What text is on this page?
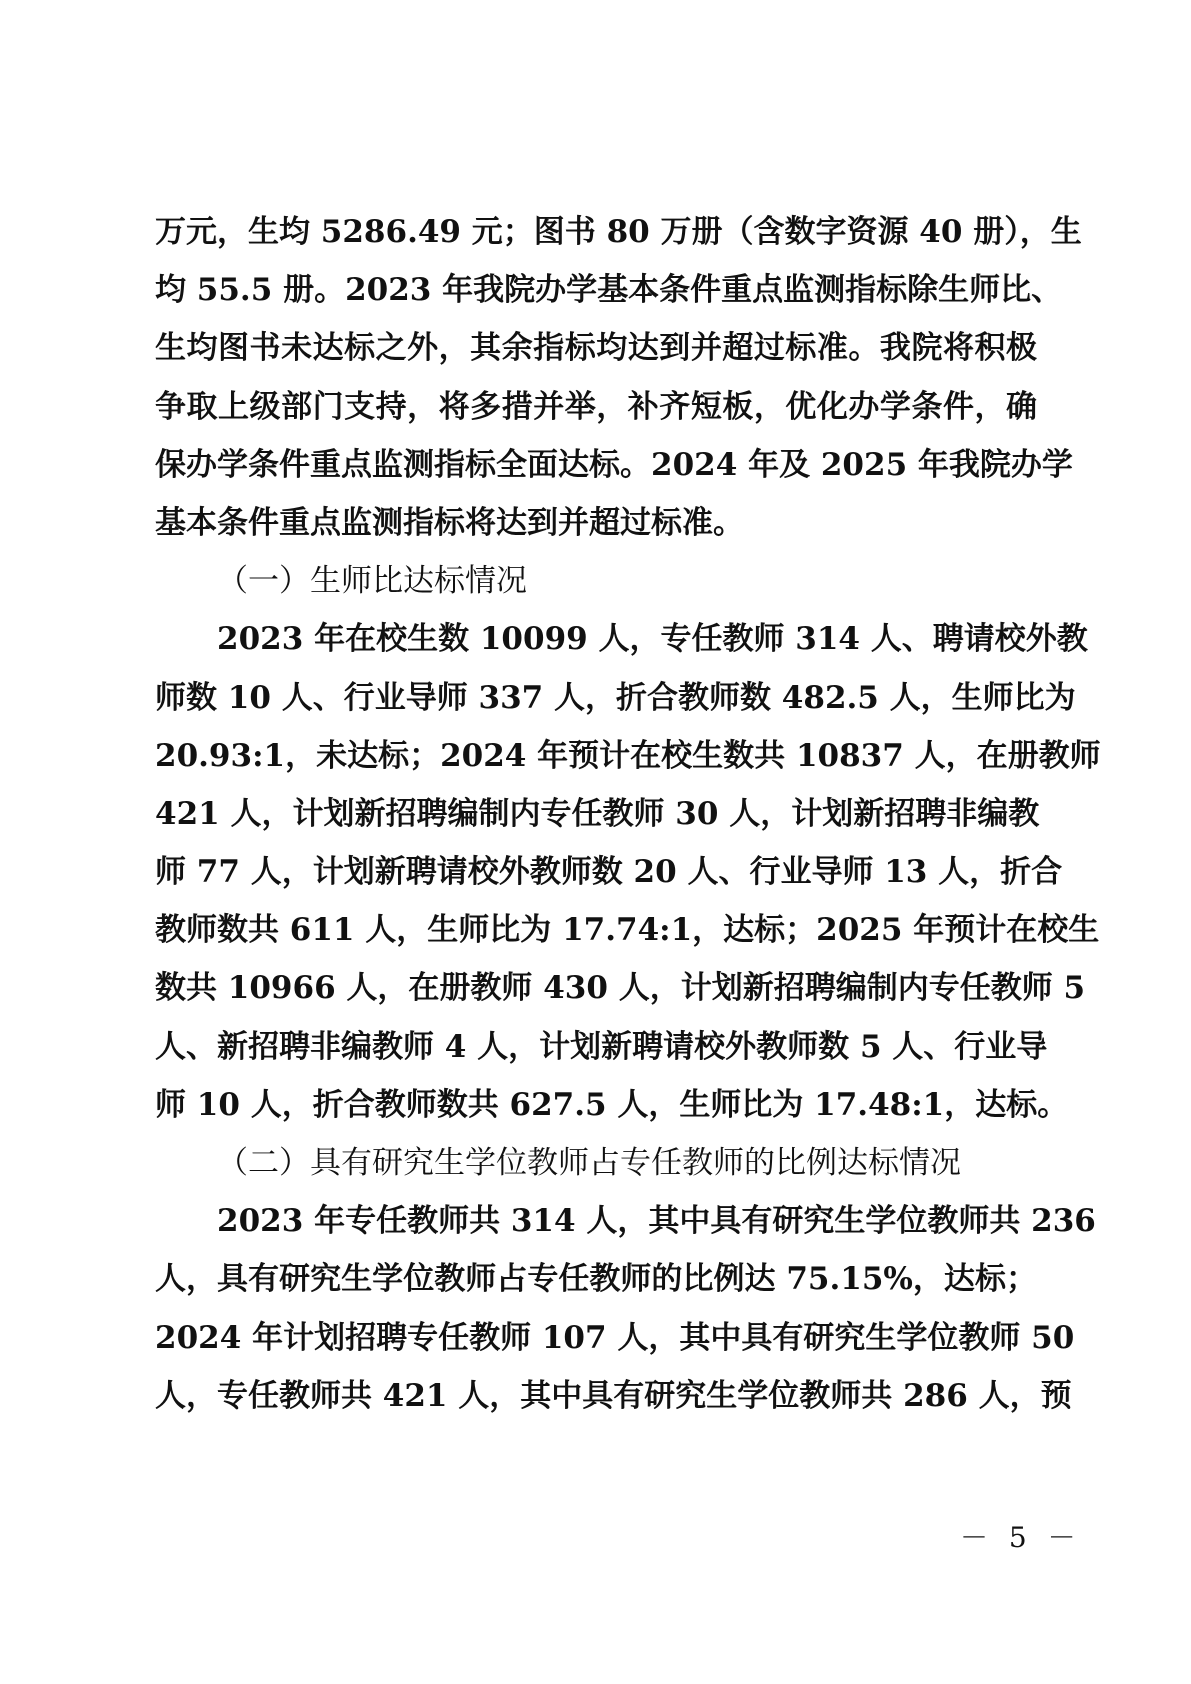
万元，生均 5286.49 元；图书 80 万册（含数字资源 40 册），生
均 55.5 册。2023 年我院办学基本条件重点监测指标除生师比、
生均图书未达标之外，其余指标均达到并超过标准。我院将积极
争取上级部门支持，将多措并举，补齐短板，优化办学条件，确
保办学条件重点监测指标全面达标。2024 年及 2025 年我院办学
基本条件重点监测指标将达到并超过标准。
（一）生师比达标情况
2023 年在校生数 10099 人，专任教师 314 人、聘请校外教
师数 10 人、行业导师 337 人，折合教师数 482.5 人，生师比为
20.93:1，未达标；2024 年预计在校生数共 10837 人，在册教师
421 人，计划新招聘编制内专任教师 30 人，计划新招聘非编教
师 77 人，计划新聘请校外教师数 20 人、行业导师 13 人，折合
教师数共 611 人，生师比为 17.74:1，达标；2025 年预计在校生
数共 10966 人，在册教师 430 人，计划新招聘编制内专任教师 5
人、新招聘非编教师 4 人，计划新聘请校外教师数 5 人、行业导
师 10 人，折合教师数共 627.5 人，生师比为 17.48:1，达标。
（二）具有研究生学位教师占专任教师的比例达标情况
2023 年专任教师共 314 人，其中具有研究生学位教师共 236
人，具有研究生学位教师占专任教师的比例达 75.15%，达标；
2024 年计划招聘专任教师 107 人，其中具有研究生学位教师 50
人，专任教师共 421 人，其中具有研究生学位教师共 286 人，预
－ 5 －
